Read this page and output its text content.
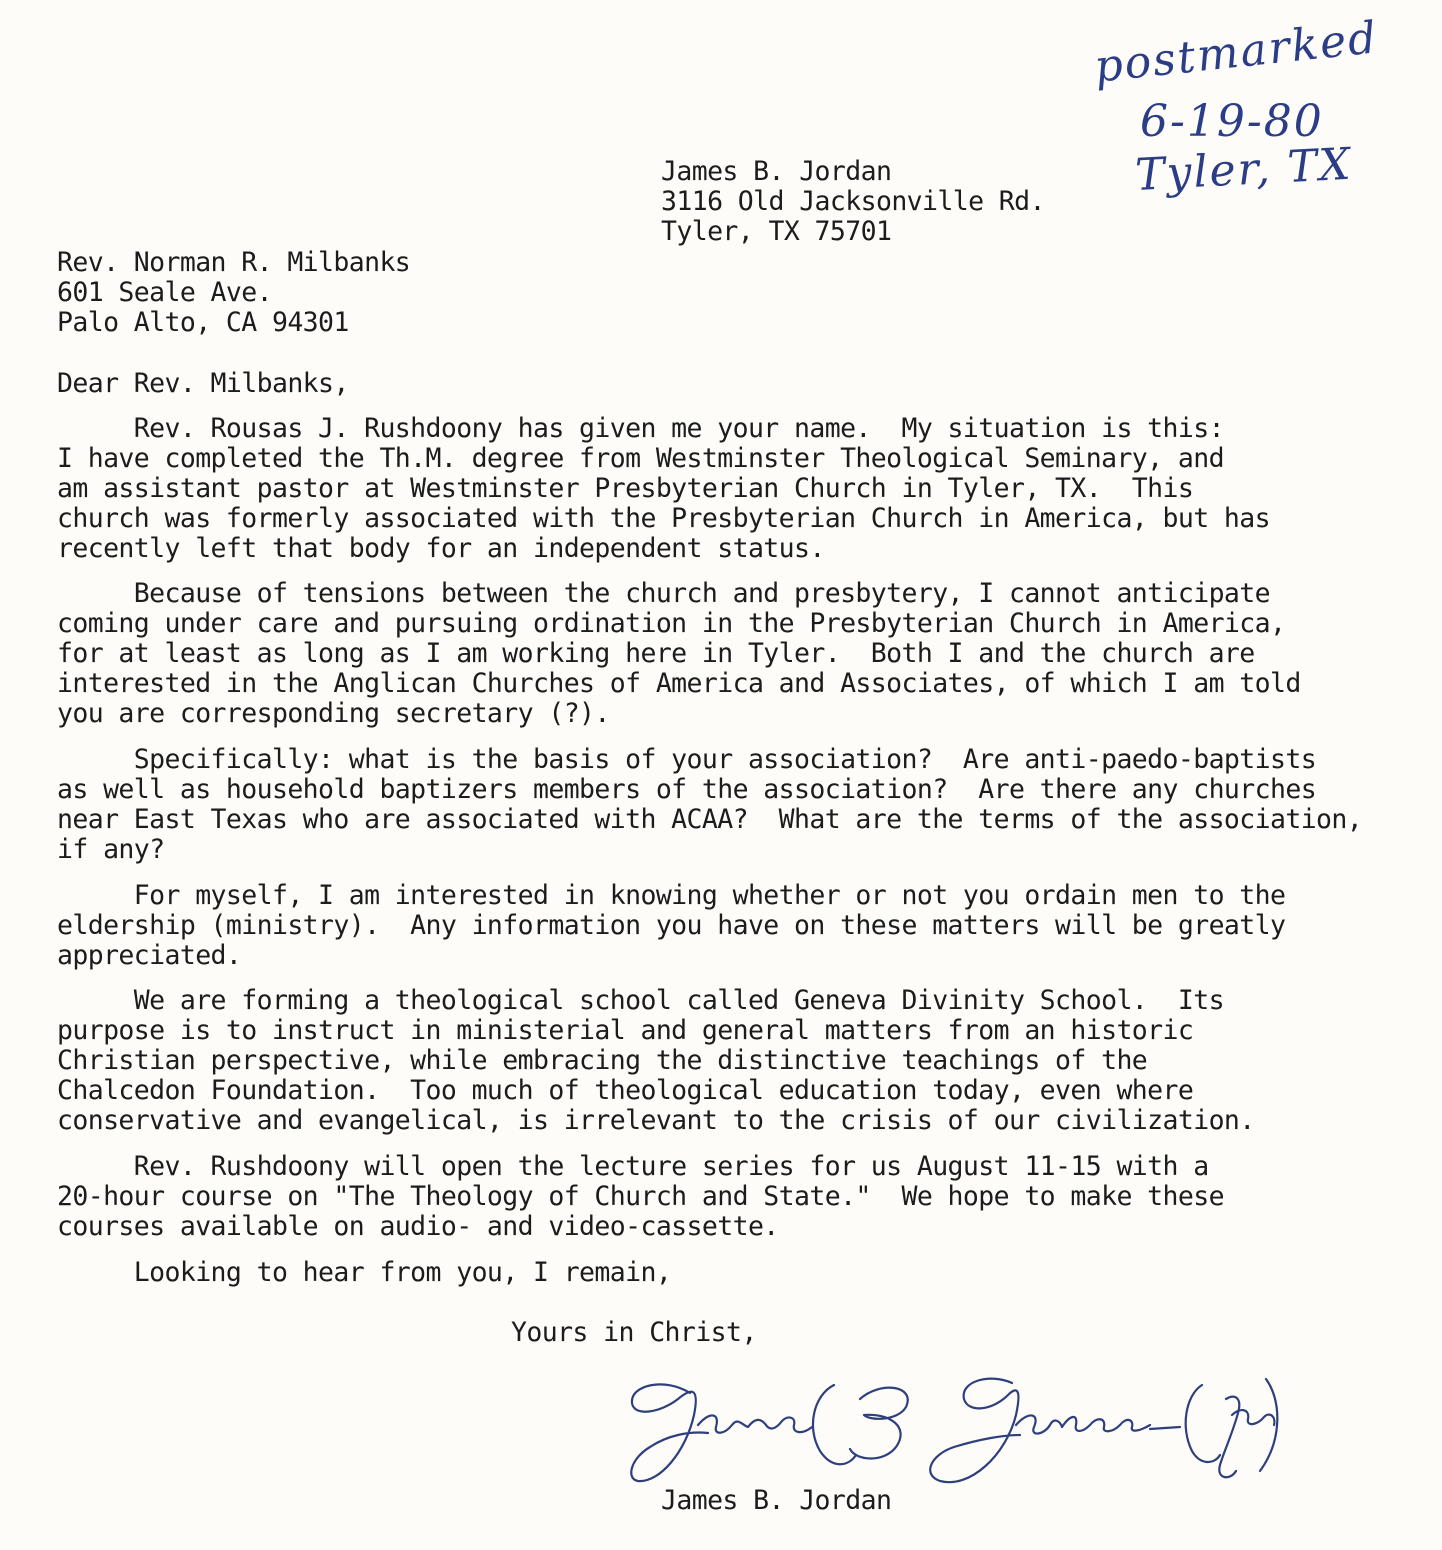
postmarked
6-19-80
Tyler, TX
James B. Jordan
3116 Old Jacksonville Rd.
Tyler, TX 75701
Rev. Norman R. Milbanks
601 Seale Ave.
Palo Alto, CA 94301
Dear Rev. Milbanks,
Rev. Rousas J. Rushdoony has given me your name.  My situation is this:
I have completed the Th.M. degree from Westminster Theological Seminary, and
am assistant pastor at Westminster Presbyterian Church in Tyler, TX.  This
church was formerly associated with the Presbyterian Church in America, but has
recently left that body for an independent status.
Because of tensions between the church and presbytery, I cannot anticipate
coming under care and pursuing ordination in the Presbyterian Church in America,
for at least as long as I am working here in Tyler.  Both I and the church are
interested in the Anglican Churches of America and Associates, of which I am told
you are corresponding secretary (?).
Specifically: what is the basis of your association?  Are anti-paedo-baptists
as well as household baptizers members of the association?  Are there any churches
near East Texas who are associated with ACAA?  What are the terms of the association,
if any?
For myself, I am interested in knowing whether or not you ordain men to the
eldership (ministry).  Any information you have on these matters will be greatly
appreciated.
We are forming a theological school called Geneva Divinity School.  Its
purpose is to instruct in ministerial and general matters from an historic
Christian perspective, while embracing the distinctive teachings of the
Chalcedon Foundation.  Too much of theological education today, even where
conservative and evangelical, is irrelevant to the crisis of our civilization.
Rev. Rushdoony will open the lecture series for us August 11-15 with a
20-hour course on "The Theology of Church and State."  We hope to make these
courses available on audio- and video-cassette.
Looking to hear from you, I remain,
Yours in Christ,
James B. Jordan
